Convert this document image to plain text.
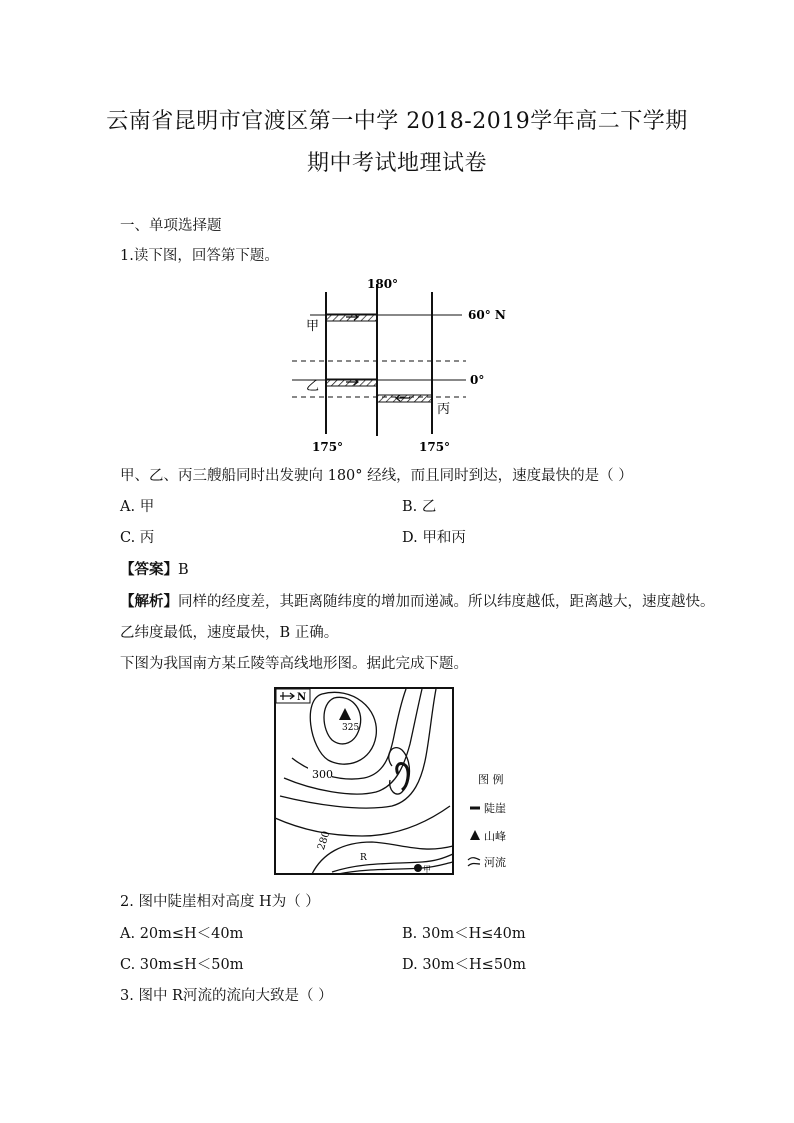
云南省昆明市官渡区第一中学 2018-2019学年高二下学期
期中考试地理试卷
一、单项选择题
1.读下图，回答第下题。
180°
60° N
0°
甲
乙
丙
175°	175°
甲、乙、丙三艘船同时出发驶向 180° 经线，而且同时到达，速度最快的是（ ）
A. 甲	B. 乙
C. 丙	D. 甲和丙
【答案】B
【解析】同样的经度差，其距离随纬度的增加而递减。所以纬度越低，距离越大，速度越快。
乙纬度最低，速度最快，B 正确。
下图为我国南方某丘陵等高线地形图。据此完成下题。
N
325
300
280
R
甲
图 例
陡崖
山峰
河流
2. 图中陡崖相对高度 H为（ ）
A. 20m≤H＜40m	B. 30m＜H≤40m
C. 30m≤H＜50m	D. 30m＜H≤50m
3. 图中 R河流的流向大致是（ ）
